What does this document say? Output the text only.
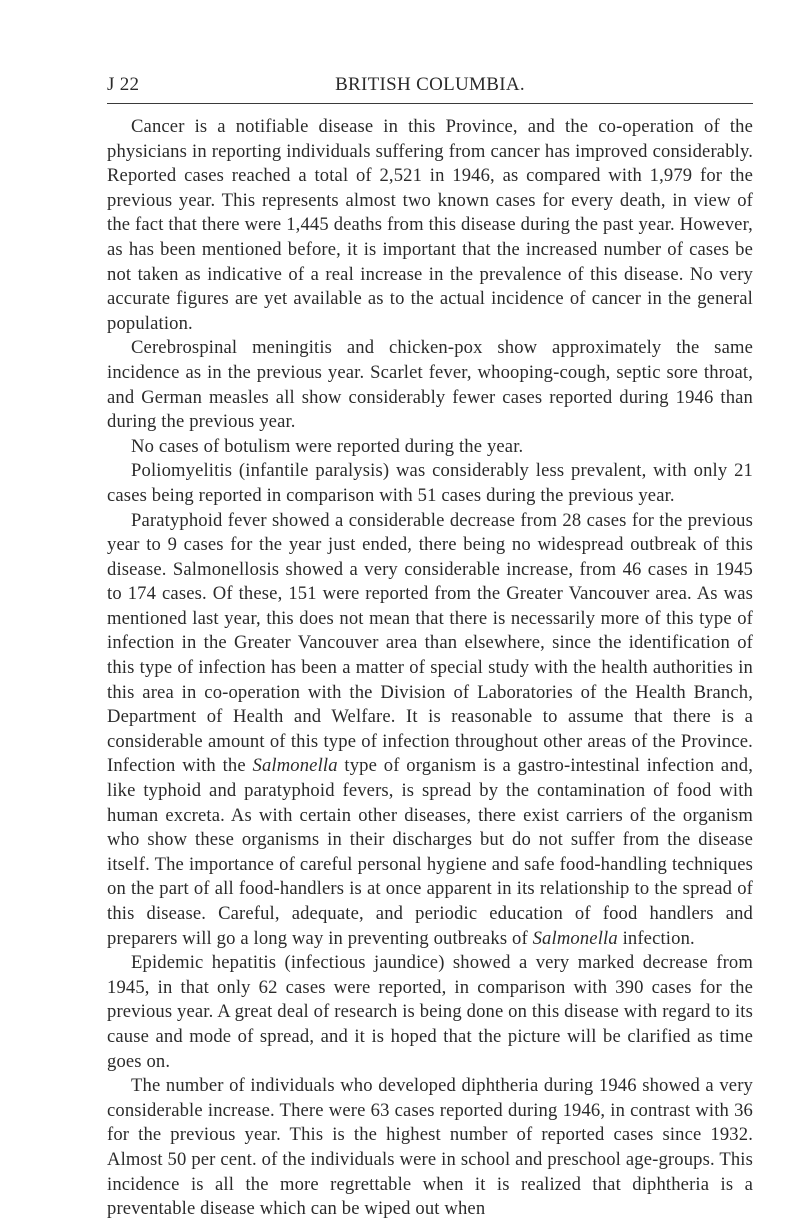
J 22	BRITISH COLUMBIA.

Cancer is a notifiable disease in this Province, and the co-operation of the physicians in reporting individuals suffering from cancer has improved considerably. Reported cases reached a total of 2,521 in 1946, as compared with 1,979 for the previous year. This represents almost two known cases for every death, in view of the fact that there were 1,445 deaths from this disease during the past year. However, as has been mentioned before, it is important that the increased number of cases be not taken as indicative of a real increase in the prevalence of this disease. No very accurate figures are yet available as to the actual incidence of cancer in the general population.

Cerebrospinal meningitis and chicken-pox show approximately the same incidence as in the previous year. Scarlet fever, whooping-cough, septic sore throat, and German measles all show considerably fewer cases reported during 1946 than during the previous year.

No cases of botulism were reported during the year.

Poliomyelitis (infantile paralysis) was considerably less prevalent, with only 21 cases being reported in comparison with 51 cases during the previous year.

Paratyphoid fever showed a considerable decrease from 28 cases for the previous year to 9 cases for the year just ended, there being no widespread outbreak of this disease. Salmonellosis showed a very considerable increase, from 46 cases in 1945 to 174 cases. Of these, 151 were reported from the Greater Vancouver area. As was mentioned last year, this does not mean that there is necessarily more of this type of infection in the Greater Vancouver area than elsewhere, since the identification of this type of infection has been a matter of special study with the health authorities in this area in co-operation with the Division of Laboratories of the Health Branch, Department of Health and Welfare. It is reasonable to assume that there is a considerable amount of this type of infection throughout other areas of the Province. Infection with the Salmonella type of organism is a gastro-intestinal infection and, like typhoid and paratyphoid fevers, is spread by the contamination of food with human excreta. As with certain other diseases, there exist carriers of the organism who show these organisms in their discharges but do not suffer from the disease itself. The importance of careful personal hygiene and safe food-handling techniques on the part of all food-handlers is at once apparent in its relationship to the spread of this disease. Careful, adequate, and periodic education of food handlers and preparers will go a long way in preventing outbreaks of Salmonella infection.

Epidemic hepatitis (infectious jaundice) showed a very marked decrease from 1945, in that only 62 cases were reported, in comparison with 390 cases for the previous year. A great deal of research is being done on this disease with regard to its cause and mode of spread, and it is hoped that the picture will be clarified as time goes on.

The number of individuals who developed diphtheria during 1946 showed a very considerable increase. There were 63 cases reported during 1946, in contrast with 36 for the previous year. This is the highest number of reported cases since 1932. Almost 50 per cent. of the individuals were in school and preschool age-groups. This incidence is all the more regrettable when it is realized that diphtheria is a preventable disease which can be wiped out when
